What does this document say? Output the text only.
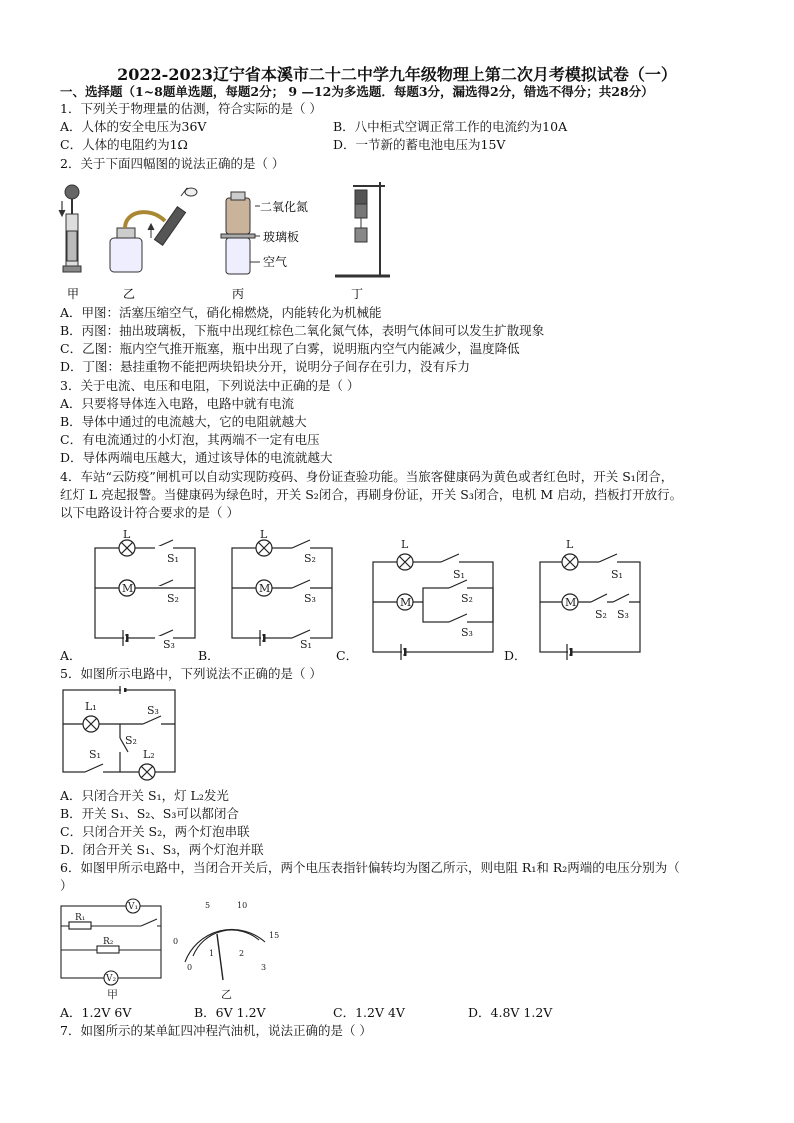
2022-2023辽宁省本溪市二十二中学九年级物理上第二次月考模拟试卷（一）
一、选择题（1~8题单选题，每题2分； 9 —12为多选题．每题3分，漏选得2分，错选不得分；共28分）
1．下列关于物理量的估测，符合实际的是（ ）
A．人体的安全电压为36V	B．八中柜式空调正常工作的电流约为10A
C．人体的电阻约为1Ω	D．一节新的蓄电池电压为15V
2．关于下面四幅图的说法正确的是（ ）
甲	乙
二氧化氮
玻璃板
空气
丙	丁
A．甲图：活塞压缩空气，硝化棉燃烧，内能转化为机械能
B．丙图：抽出玻璃板，下瓶中出现红棕色二氧化氮气体，表明气体间可以发生扩散现象
C．乙图：瓶内空气推开瓶塞，瓶中出现了白雾，说明瓶内空气内能减少，温度降低
D．丁图：悬挂重物不能把两块铅块分开，说明分子间存在引力，没有斥力
3．关于电流、电压和电阻，下列说法中正确的是（ ）
A．只要将导体连入电路，电路中就有电流
B．导体中通过的电流越大，它的电阻就越大
C．有电流通过的小灯泡，其两端不一定有电压
D．导体两端电压越大，通过该导体的电流就越大
4．车站“云防疫”闸机可以自动实现防疫码、身份证查验功能。当旅客健康码为黄色或者红色时，开关 S₁闭合，
红灯 L 亮起报警。当健康码为绿色时，开关 S₂闭合，再刷身份证，开关 S₃闭合，电机 M 启动，挡板打开放行。
以下电路设计符合要求的是（ ）
L
M
S₁
S₂
S₃
L
M
S₂
S₃
S₁
L
M
S₁
S₂
S₃
L
M
S₁
S₂ S₃
A．	B．	C．	D．
5．如图所示电路中，下列说法不正确的是（ ）
L₁	S₃
S₂
S₁	L₂
A．只闭合开关 S₁，灯 L₂发光
B．开关 S₁、S₂、S₃可以都闭合
C．只闭合开关 S₂，两个灯泡串联
D．闭合开关 S₁、S₃，两个灯泡并联
6．如图甲所示电路中，当闭合开关后，两个电压表指针偏转均为图乙所示，则电阻 R₁和 R₂两端的电压分别为（
）
R₁
R₂
V₁
V₂
甲
0
5	10
15
0
1	2
3
乙
A．1.2V 6V	B．6V 1.2V	C．1.2V 4V	D．4.8V 1.2V
7．如图所示的某单缸四冲程汽油机，说法正确的是（ ）
